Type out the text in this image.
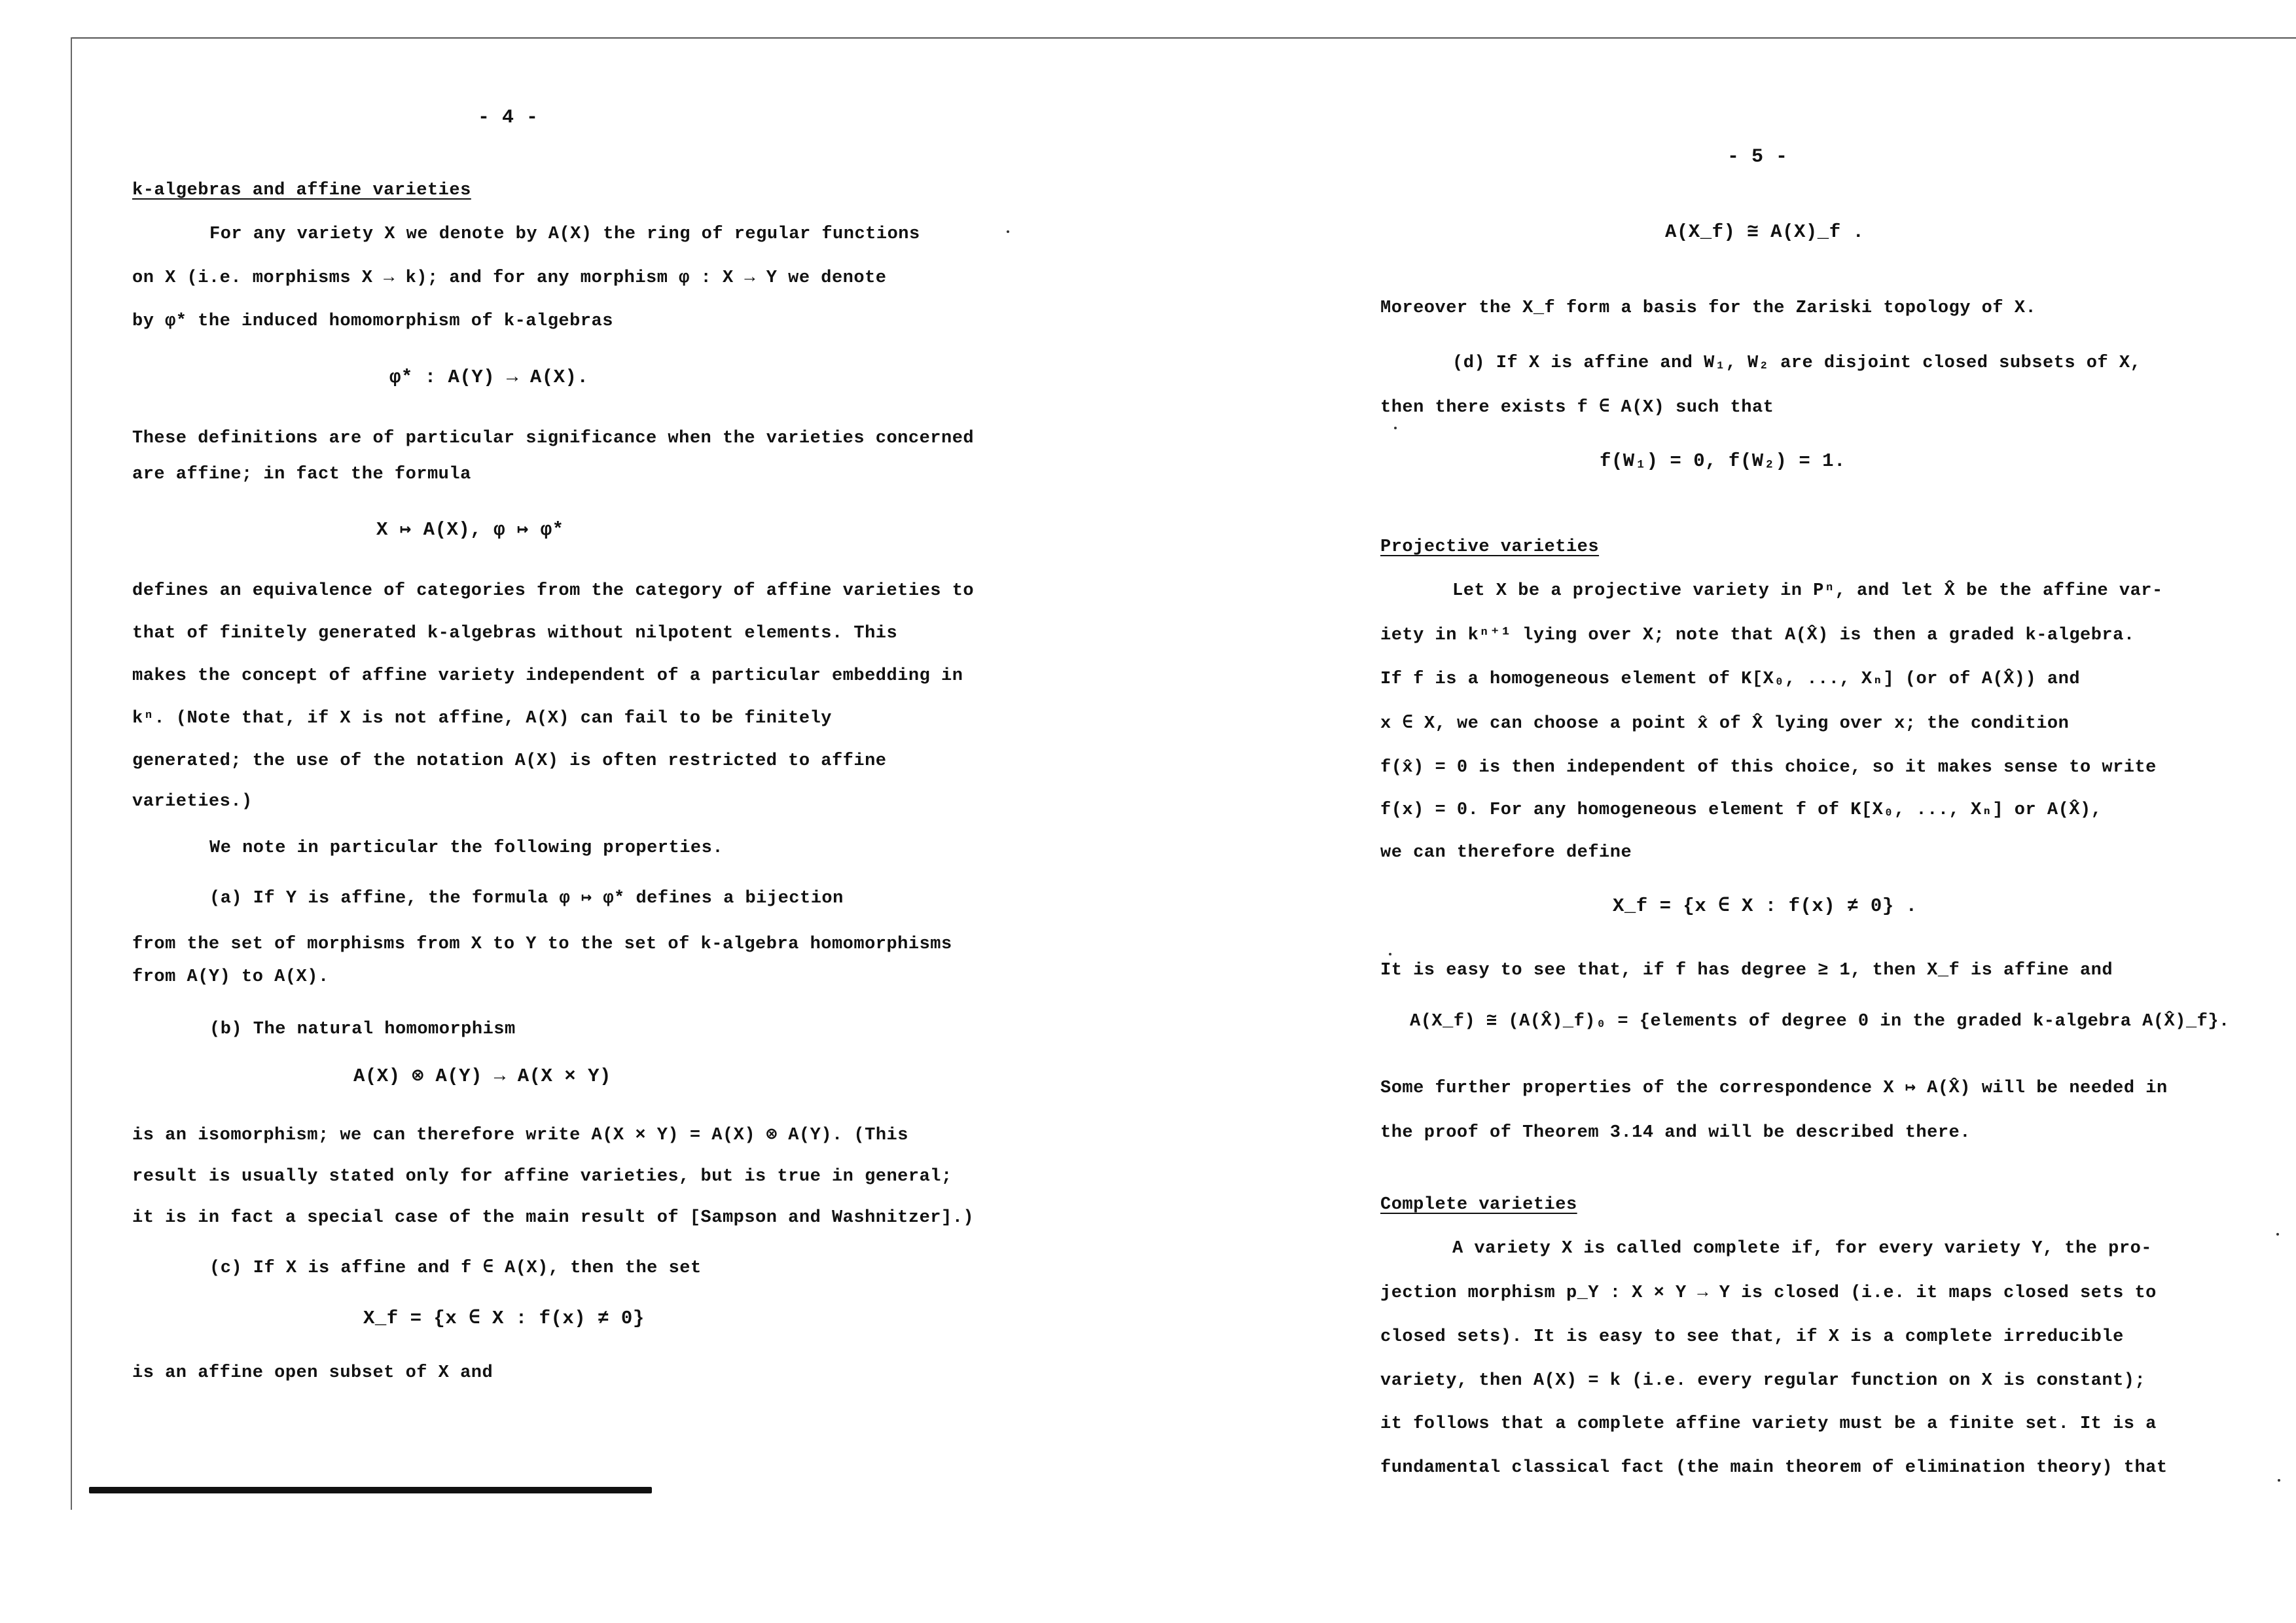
- 4 -
k-algebras and affine varieties
For any variety X we denote by A(X) the ring of regular functions
on X (i.e. morphisms X → k); and for any morphism φ : X → Y we denote
by φ* the induced homomorphism of k-algebras
φ* : A(Y) → A(X).
These definitions are of particular significance when the varieties concerned
are affine; in fact the formula
X ↦ A(X), φ ↦ φ*
defines an equivalence of categories from the category of affine varieties to
that of finitely generated k-algebras without nilpotent elements. This
makes the concept of affine variety independent of a particular embedding in
kⁿ. (Note that, if X is not affine, A(X) can fail to be finitely
generated; the use of the notation A(X) is often restricted to affine
varieties.)
We note in particular the following properties.
(a) If Y is affine, the formula φ ↦ φ* defines a bijection
from the set of morphisms from X to Y to the set of k-algebra homomorphisms
from A(Y) to A(X).
(b) The natural homomorphism
A(X) ⊗ A(Y) → A(X × Y)
is an isomorphism; we can therefore write A(X × Y) = A(X) ⊗ A(Y). (This
result is usually stated only for affine varieties, but is true in general;
it is in fact a special case of the main result of [Sampson and Washnitzer].)
(c) If X is affine and f ∈ A(X), then the set
X_f = {x ∈ X : f(x) ≠ 0}
is an affine open subset of X and
- 5 -
A(X_f) ≅ A(X)_f .
Moreover the X_f form a basis for the Zariski topology of X.
(d) If X is affine and W₁, W₂ are disjoint closed subsets of X,
then there exists f ∈ A(X) such that
f(W₁) = 0, f(W₂) = 1.
Projective varieties
Let X be a projective variety in Pⁿ, and let X̂ be the affine var-
iety in kⁿ⁺¹ lying over X; note that A(X̂) is then a graded k-algebra.
If f is a homogeneous element of K[X₀, ..., Xₙ] (or of A(X̂)) and
x ∈ X, we can choose a point x̂ of X̂ lying over x; the condition
f(x̂) = 0 is then independent of this choice, so it makes sense to write
f(x) = 0. For any homogeneous element f of K[X₀, ..., Xₙ] or A(X̂),
we can therefore define
X_f = {x ∈ X : f(x) ≠ 0} .
It is easy to see that, if f has degree ≥ 1, then X_f is affine and
A(X_f) ≅ (A(X̂)_f)₀ = {elements of degree 0 in the graded k-algebra A(X̂)_f}.
Some further properties of the correspondence X ↦ A(X̂) will be needed in
the proof of Theorem 3.14 and will be described there.
Complete varieties
A variety X is called complete if, for every variety Y, the pro-
jection morphism p_Y : X × Y → Y is closed (i.e. it maps closed sets to
closed sets). It is easy to see that, if X is a complete irreducible
variety, then A(X) = k (i.e. every regular function on X is constant);
it follows that a complete affine variety must be a finite set. It is a
fundamental classical fact (the main theorem of elimination theory) that
